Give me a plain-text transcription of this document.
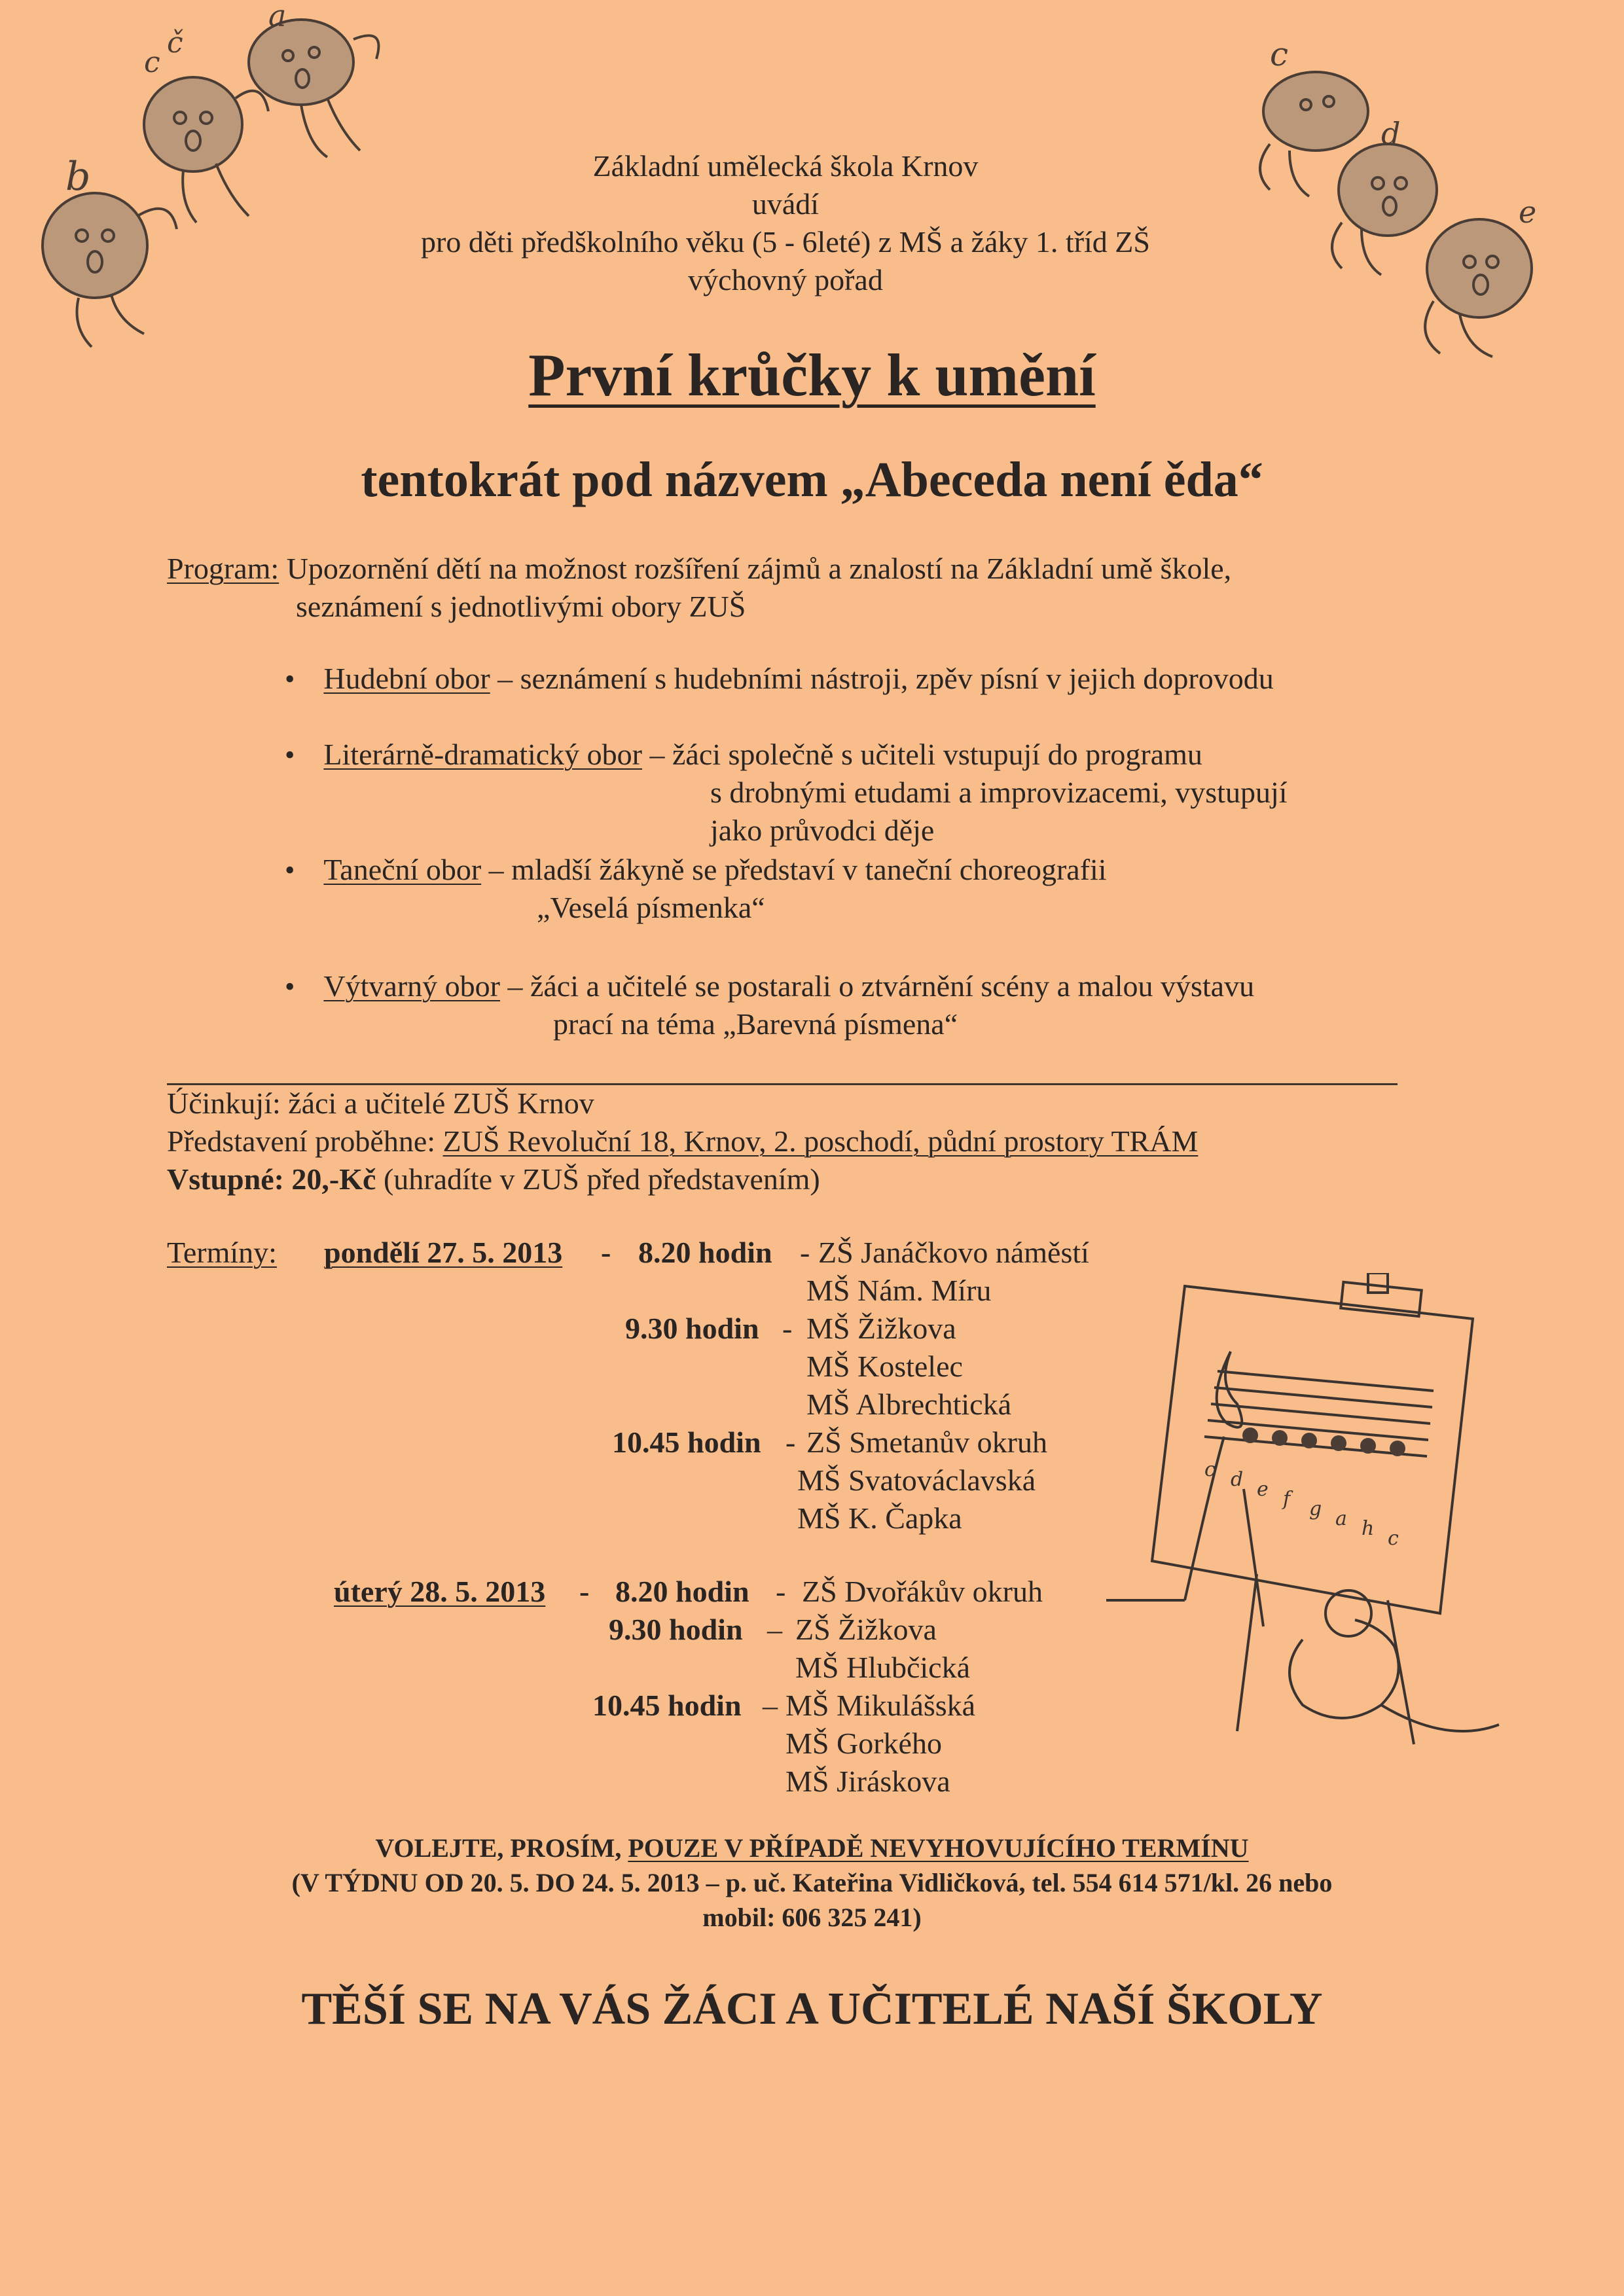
a
b
c
č	c
d
e
Základní umělecká škola Krnov
uvádí
pro děti předškolního věku (5 - 6leté) z MŠ a žáky 1. tříd ZŠ
výchovný pořad
První krůčky k umění
tentokrát pod názvem „Abeceda není ěda“
Program: Upozornění dětí na možnost rozšíření zájmů a znalostí na Základní umě škole,
seznámení s jednotlivými obory ZUŠ
•    Hudební obor – seznámení s hudebními nástroji, zpěv písní v jejich doprovodu
•    Literárně-dramatický obor – žáci společně s učiteli vstupují do programu
s drobnými etudami a improvizacemi, vystupují
jako průvodci děje
•    Taneční obor – mladší žákyně se představí v taneční choreografii
„Veselá písmenka“
•    Výtvarný obor – žáci a učitelé se postarali o ztvárnění scény a malou výstavu
prací na téma „Barevná písmena“
Účinkují: žáci a učitelé ZUŠ Krnov
Představení proběhne: ZUŠ Revoluční 18, Krnov, 2. poschodí, půdní prostory TRÁM
Vstupné: 20,-Kč (uhradíte v ZUŠ před představením)
Termíny: pondělí 27. 5. 2013 - 8.20 hodin - ZŠ Janáčkovo náměstí
MŠ Nám. Míru
9.30 hodin - MŠ Žižkova
MŠ Kostelec
MŠ Albrechtická
10.45 hodin - ZŠ Smetanův okruh
MŠ Svatováclavská
MŠ K. Čapka
úterý 28. 5. 2013 - 8.20 hodin - ZŠ Dvořákův okruh
9.30 hodin – ZŠ Žižkova
MŠ Hlubčická
10.45 hodin – MŠ Mikulášská
MŠ Gorkého
MŠ Jiráskova
c d e f g a h c
VOLEJTE, PROSÍM, POUZE V PŘÍPADĚ NEVYHOVUJÍCÍHO TERMÍNU
(V TÝDNU OD 20. 5. DO 24. 5. 2013 – p. uč. Kateřina Vidličková, tel. 554 614 571/kl. 26 nebo
mobil: 606 325 241)
TĚŠÍ SE NA VÁS ŽÁCI A UČITELÉ NAŠÍ ŠKOLY
